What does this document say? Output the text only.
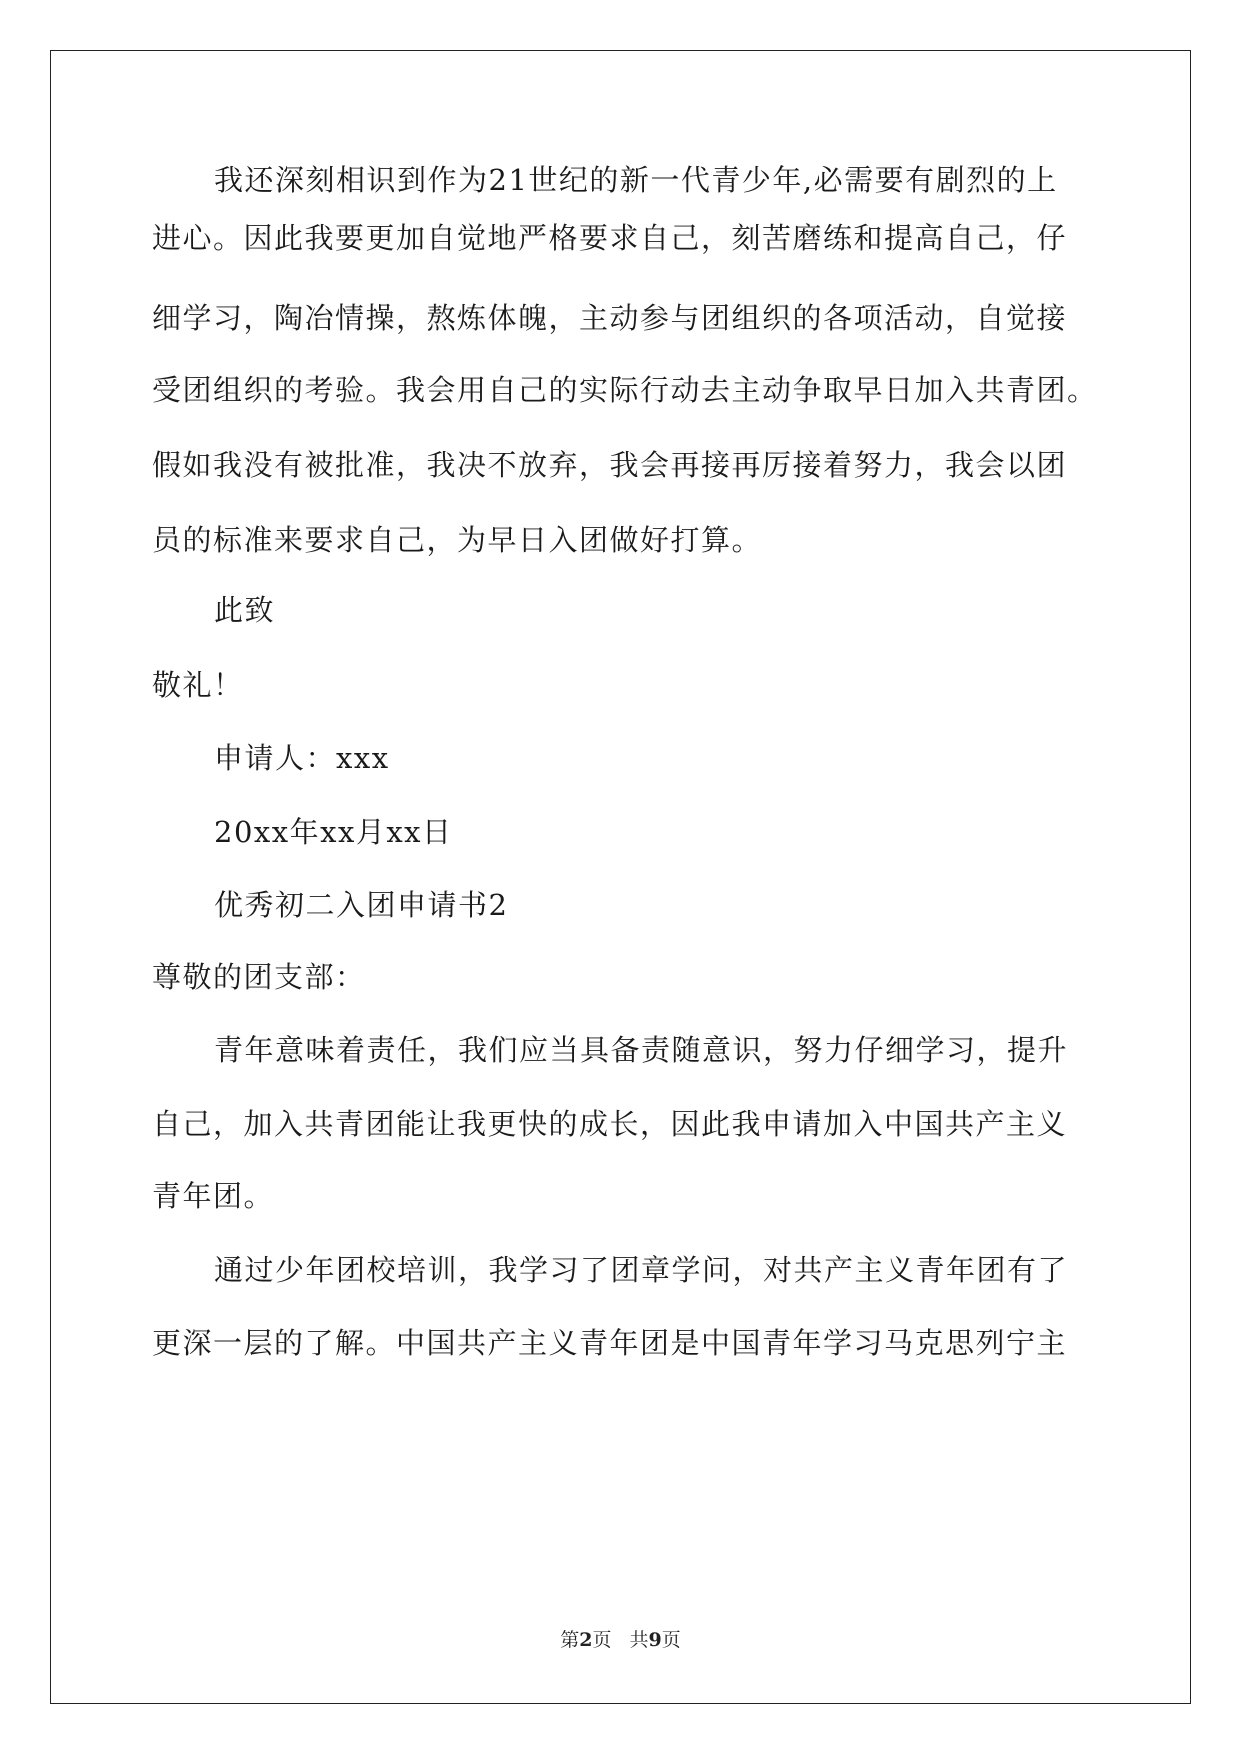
我还深刻相识到作为21世纪的新一代青少年,必需要有剧烈的上
进心。因此我要更加自觉地严格要求自己，刻苦磨练和提高自己，仔
细学习，陶冶情操，熬炼体魄，主动参与团组织的各项活动，自觉接
受团组织的考验。我会用自己的实际行动去主动争取早日加入共青团。
假如我没有被批准，我决不放弃，我会再接再厉接着努力，我会以团
员的标准来要求自己，为早日入团做好打算。
此致
敬礼！
申请人：xxx
20xx年xx月xx日
优秀初二入团申请书2
尊敬的团支部：
青年意味着责任，我们应当具备责随意识，努力仔细学习，提升
自己，加入共青团能让我更快的成长，因此我申请加入中国共产主义
青年团。
通过少年团校培训，我学习了团章学问，对共产主义青年团有了
更深一层的了解。中国共产主义青年团是中国青年学习马克思列宁主
第2页 共9页
